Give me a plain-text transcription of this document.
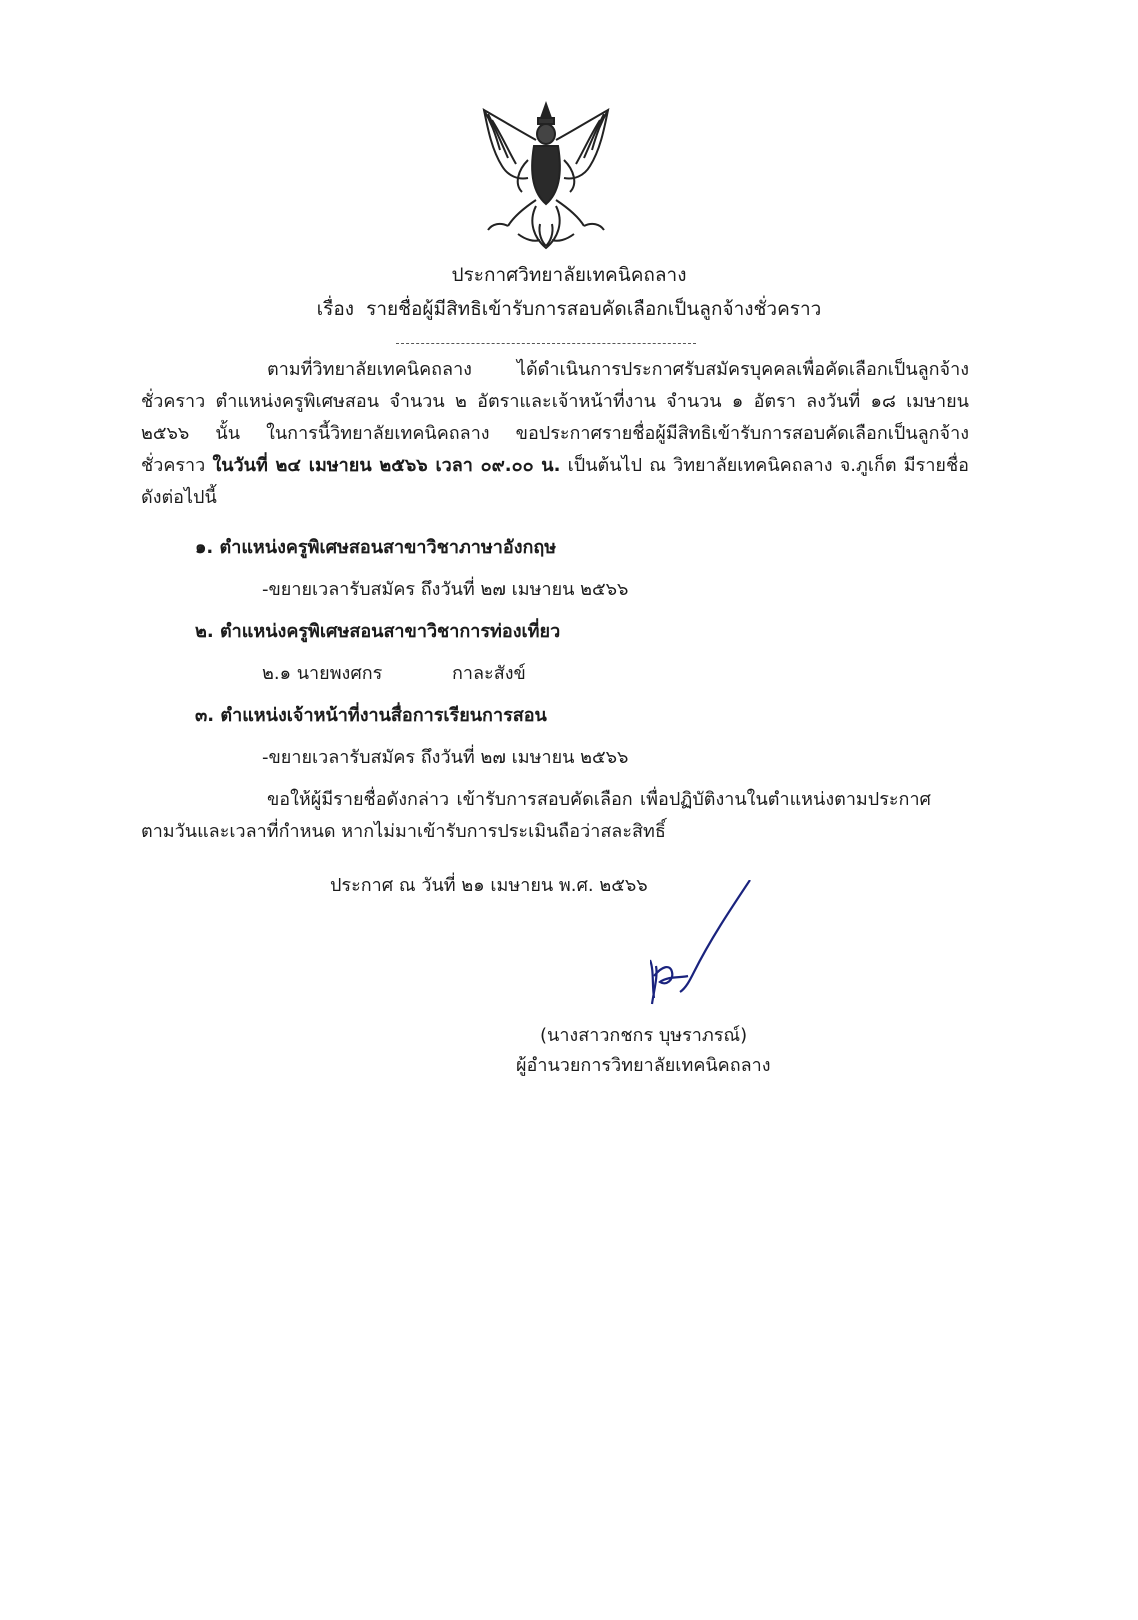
ประกาศวิทยาลัยเทคนิคถลาง
เรื่อง รายชื่อผู้มีสิทธิเข้ารับการสอบคัดเลือกเป็นลูกจ้างชั่วคราว

ตามที่วิทยาลัยเทคนิคถลาง ได้ดำเนินการประกาศรับสมัครบุคคลเพื่อคัดเลือกเป็นลูกจ้าง

ชั่วคราว ตำแหน่งครูพิเศษสอน จำนวน ๒ อัตราและเจ้าหน้าที่งาน จำนวน ๑ อัตรา ลงวันที่ ๑๘ เมษายน

๒๕๖๖ นั้น ในการนี้วิทยาลัยเทคนิคถลาง ขอประกาศรายชื่อผู้มีสิทธิเข้ารับการสอบคัดเลือกเป็นลูกจ้าง

ชั่วคราว ในวันที่ ๒๔ เมษายน ๒๕๖๖ เวลา ๐๙.๐๐ น. เป็นต้นไป ณ วิทยาลัยเทคนิคถลาง จ.ภูเก็ต มีรายชื่อ

ดังต่อไปนี้

๑. ตำแหน่งครูพิเศษสอนสาขาวิชาภาษาอังกฤษ
-ขยายเวลารับสมัคร ถึงวันที่ ๒๗ เมษายน ๒๕๖๖
๒. ตำแหน่งครูพิเศษสอนสาขาวิชาการท่องเที่ยว
๒.๑ นายพงศกร	กาละสังข์
๓. ตำแหน่งเจ้าหน้าที่งานสื่อการเรียนการสอน
-ขยายเวลารับสมัคร ถึงวันที่ ๒๗ เมษายน ๒๕๖๖

ขอให้ผู้มีรายชื่อดังกล่าว เข้ารับการสอบคัดเลือก เพื่อปฏิบัติงานในตำแหน่งตามประกาศ

ตามวันและเวลาที่กำหนด หากไม่มาเข้ารับการประเมินถือว่าสละสิทธิ์

ประกาศ ณ วันที่ ๒๑ เมษายน พ.ศ. ๒๕๖๖
(นางสาวกชกร บุษราภรณ์)
ผู้อำนวยการวิทยาลัยเทคนิคถลาง
